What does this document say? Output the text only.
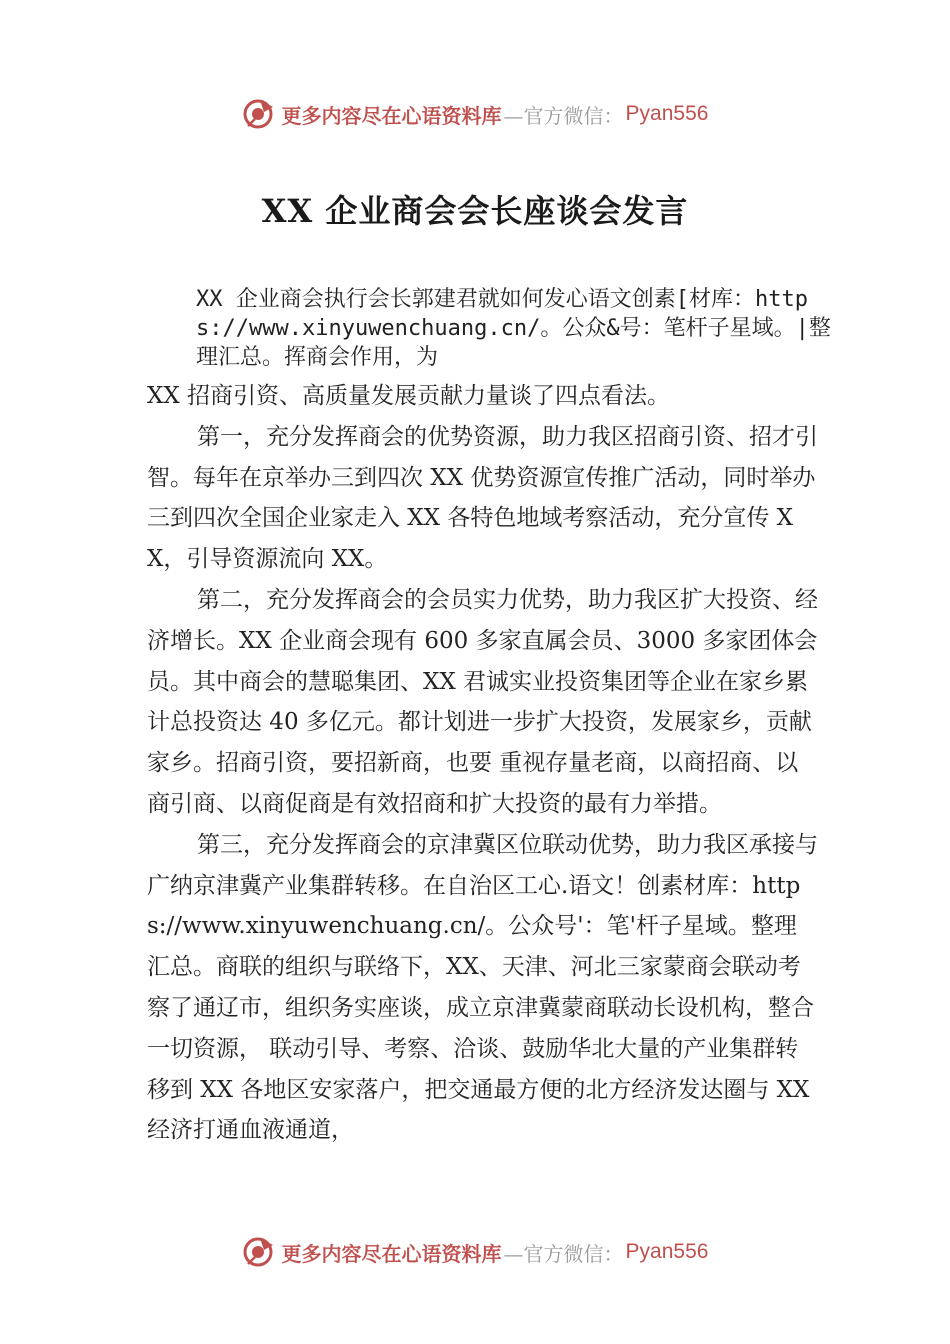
更多内容尽在心语资料库 —官方微信： Pyan556
XX 企业商会会长座谈会发言

XX 企业商会执行会长郭建君就如何发心语文创素[材库：https://www.xinyuwenchuang.cn/。公众&号：笔杆子星域。|整理汇总。挥商会作用，为

XX 招商引资、高质量发展贡献力量谈了四点看法。

第一，充分发挥商会的优势资源，助力我区招商引资、招才引智。每年在京举办三到四次 XX 优势资源宣传推广活动，同时举办三到四次全国企业家走入 XX 各特色地域考察活动，充分宣传 XX，引导资源流向 XX。

第二，充分发挥商会的会员实力优势，助力我区扩大投资、经济增长。XX 企业商会现有 600 多家直属会员、3000 多家团体会员。其中商会的慧聪集团、XX 君诚实业投资集团等企业在家乡累计总投资达 40 多亿元。都计划进一步扩大投资，发展家乡，贡献家乡。招商引资，要招新商，也要 重视存量老商，以商招商、以商引商、以商促商是有效招商和扩大投资的最有力举措。

第三，充分发挥商会的京津冀区位联动优势，助力我区承接与广纳京津冀产业集群转移。在自治区工心.语文！创素材库：https://www.xinyuwenchuang.cn/。公众号'：笔'杆子星域。整理汇总。商联的组织与联络下，XX、天津、河北三家蒙商会联动考察了通辽市，组织务实座谈，成立京津冀蒙商联动长设机构，整合一切资源， 联动引导、考察、洽谈、鼓励华北大量的产业集群转移到 XX 各地区安家落户，把交通最方便的北方经济发达圈与 XX 经济打通血液通道，

更多内容尽在心语资料库 —官方微信： Pyan556
